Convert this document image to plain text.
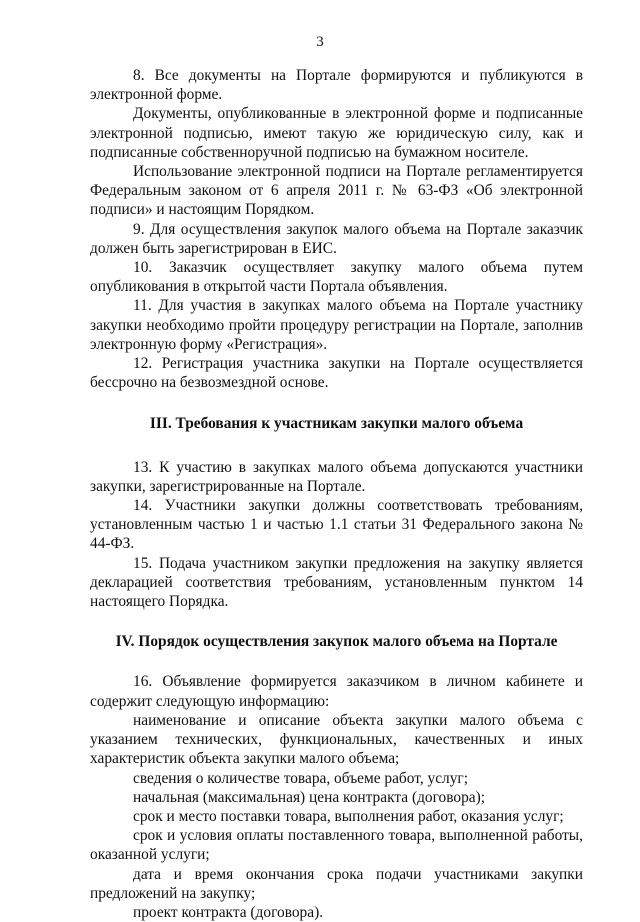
3

8. Все документы на Портале формируются и публикуются в электронной форме.

Документы, опубликованные в электронной форме и подписанные электронной подписью, имеют такую же юридическую силу, как и подписанные собственноручной подписью на бумажном носителе.

Использование электронной подписи на Портале регламентируется Федеральным законом от 6 апреля 2011 г. № 63-ФЗ «Об электронной подписи» и настоящим Порядком.

9. Для осуществления закупок малого объема на Портале заказчик должен быть зарегистрирован в ЕИС.

10. Заказчик осуществляет закупку малого объема путем опубликования в открытой части Портала объявления.

11. Для участия в закупках малого объема на Портале участнику закупки необходимо пройти процедуру регистрации на Портале, заполнив электронную форму «Регистрация».

12. Регистрация участника закупки на Портале осуществляется бессрочно на безвозмездной основе.

III. Требования к участникам закупки малого объема

13. К участию в закупках малого объема допускаются участники закупки, зарегистрированные на Портале.

14. Участники закупки должны соответствовать требованиям, установленным частью 1 и частью 1.1 статьи 31 Федерального закона № 44-ФЗ.

15. Подача участником закупки предложения на закупку является декларацией соответствия требованиям, установленным пунктом 14 настоящего Порядка.

IV. Порядок осуществления закупок малого объема на Портале

16. Объявление формируется заказчиком в личном кабинете и содержит следующую информацию:

наименование и описание объекта закупки малого объема с указанием технических, функциональных, качественных и иных характеристик объекта закупки малого объема;

сведения о количестве товара, объеме работ, услуг;

начальная (максимальная) цена контракта (договора);

срок и место поставки товара, выполнения работ, оказания услуг;

срок и условия оплаты поставленного товара, выполненной работы, оказанной услуги;

дата и время окончания срока подачи участниками закупки предложений на закупку;

проект контракта (договора).
